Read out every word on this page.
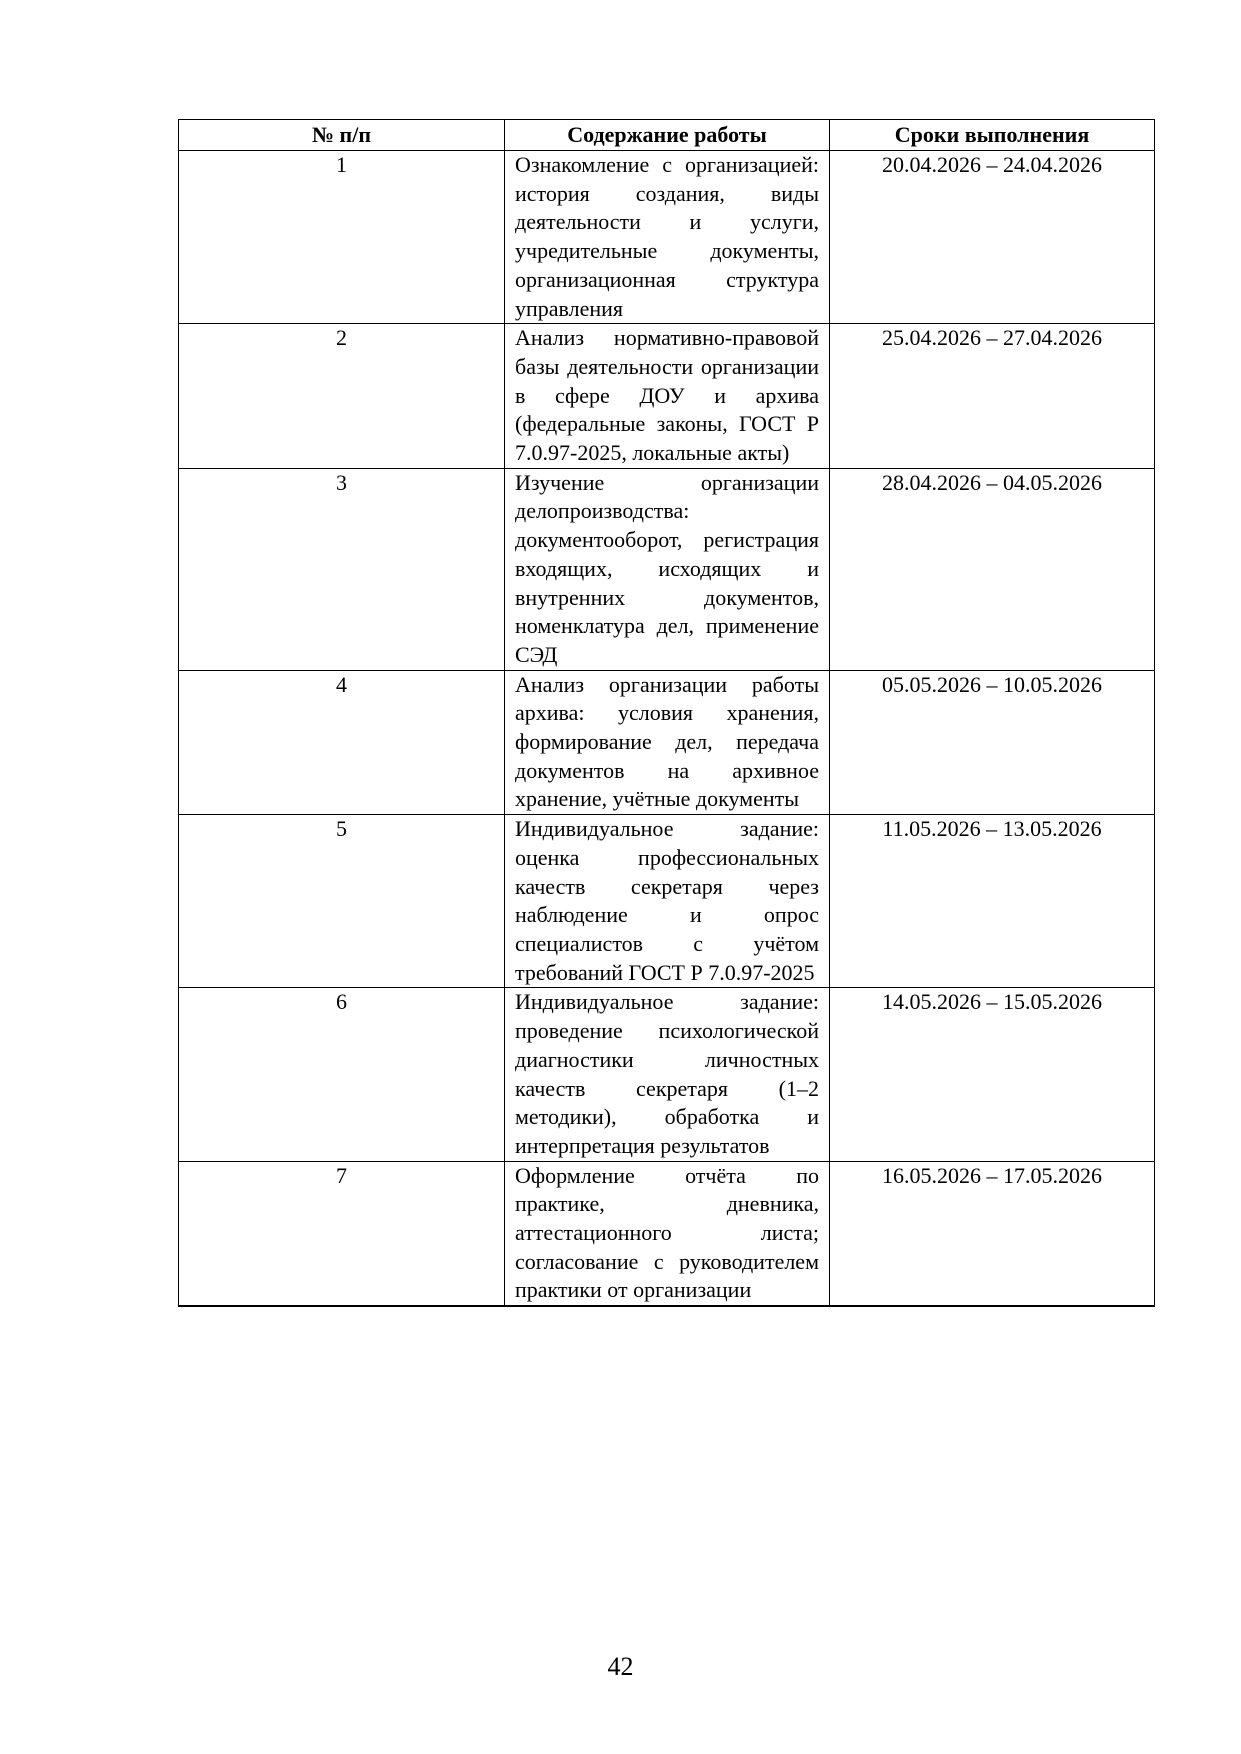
№ п/п	Содержание работы	Сроки выполнения
1	Ознакомление с организацией: история создания, виды деятельности и услуги, учредительные документы, организационная структура управления	20.04.2026 – 24.04.2026
2	Анализ нормативно-правовой базы деятельности организации в сфере ДОУ и архива (федеральные законы, ГОСТ Р 7.0.97-2025, локальные акты)	25.04.2026 – 27.04.2026
3	Изучение организации делопроизводства: документооборот, регистрация входящих, исходящих и внутренних документов, номенклатура дел, применение СЭД	28.04.2026 – 04.05.2026
4	Анализ организации работы архива: условия хранения, формирование дел, передача документов на архивное хранение, учётные документы	05.05.2026 – 10.05.2026
5	Индивидуальное задание: оценка профессиональных качеств секретаря через наблюдение и опрос специалистов с учётом требований ГОСТ Р 7.0.97-2025	11.05.2026 – 13.05.2026
6	Индивидуальное задание: проведение психологической диагностики личностных качеств секретаря (1–2 методики), обработка и интерпретация результатов	14.05.2026 – 15.05.2026
7	Оформление отчёта по практике, дневника, аттестационного листа; согласование с руководителем практики от организации	16.05.2026 – 17.05.2026
42
